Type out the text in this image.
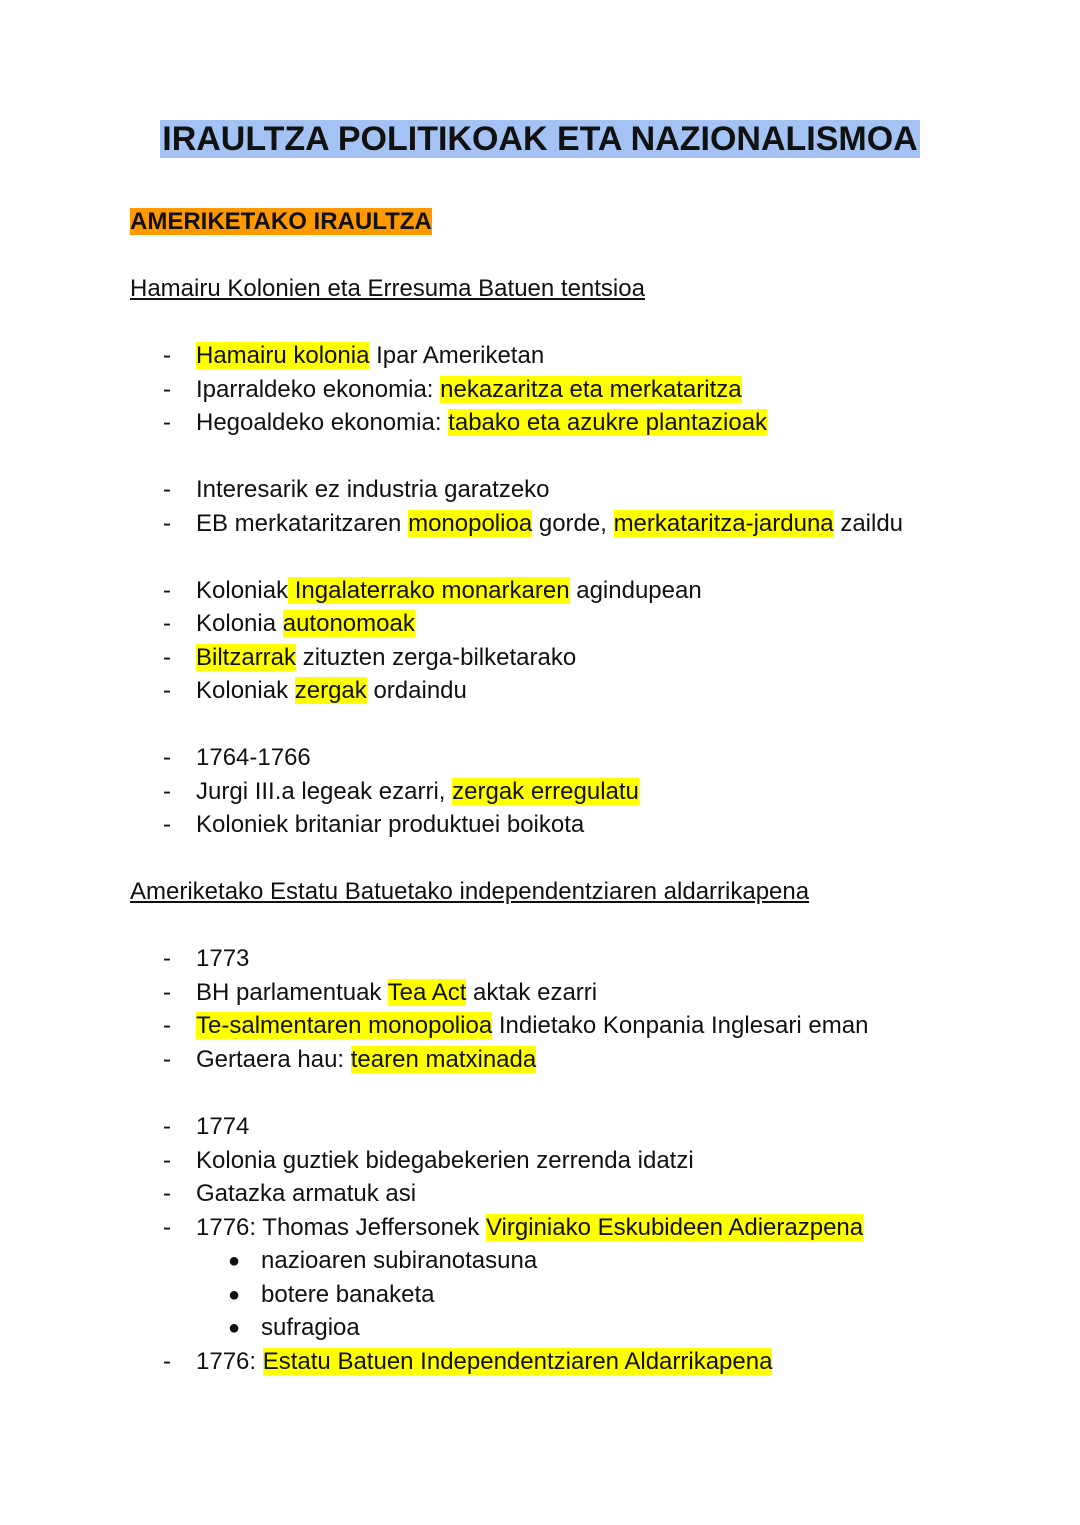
IRAULTZA POLITIKOAK ETA NAZIONALISMOA
AMERIKETAKO IRAULTZA
Hamairu Kolonien eta Erresuma Batuen tentsioa
-	Hamairu kolonia Ipar Ameriketan
-	Iparraldeko ekonomia: nekazaritza eta merkataritza
-	Hegoaldeko ekonomia: tabako eta azukre plantazioak
-	Interesarik ez industria garatzeko
-	EB merkataritzaren monopolioa gorde, merkataritza-jarduna zaildu
-	Koloniak Ingalaterrako monarkaren agindupean
-	Kolonia autonomoak
-	Biltzarrak zituzten zerga-bilketarako
-	Koloniak zergak ordaindu
-	1764-1766
-	Jurgi III.a legeak ezarri, zergak erregulatu
-	Koloniek britaniar produktuei boikota
Ameriketako Estatu Batuetako independentziaren aldarrikapena
-	1773
-	BH parlamentuak Tea Act aktak ezarri
-	Te-salmentaren monopolioa Indietako Konpania Inglesari eman
-	Gertaera hau: tearen matxinada
-	1774
-	Kolonia guztiek bidegabekerien zerrenda idatzi
-	Gatazka armatuk asi
-	1776: Thomas Jeffersonek Virginiako Eskubideen Adierazpena
● nazioaren subiranotasuna
● botere banaketa
● sufragioa
-	1776: Estatu Batuen Independentziaren Aldarrikapena
